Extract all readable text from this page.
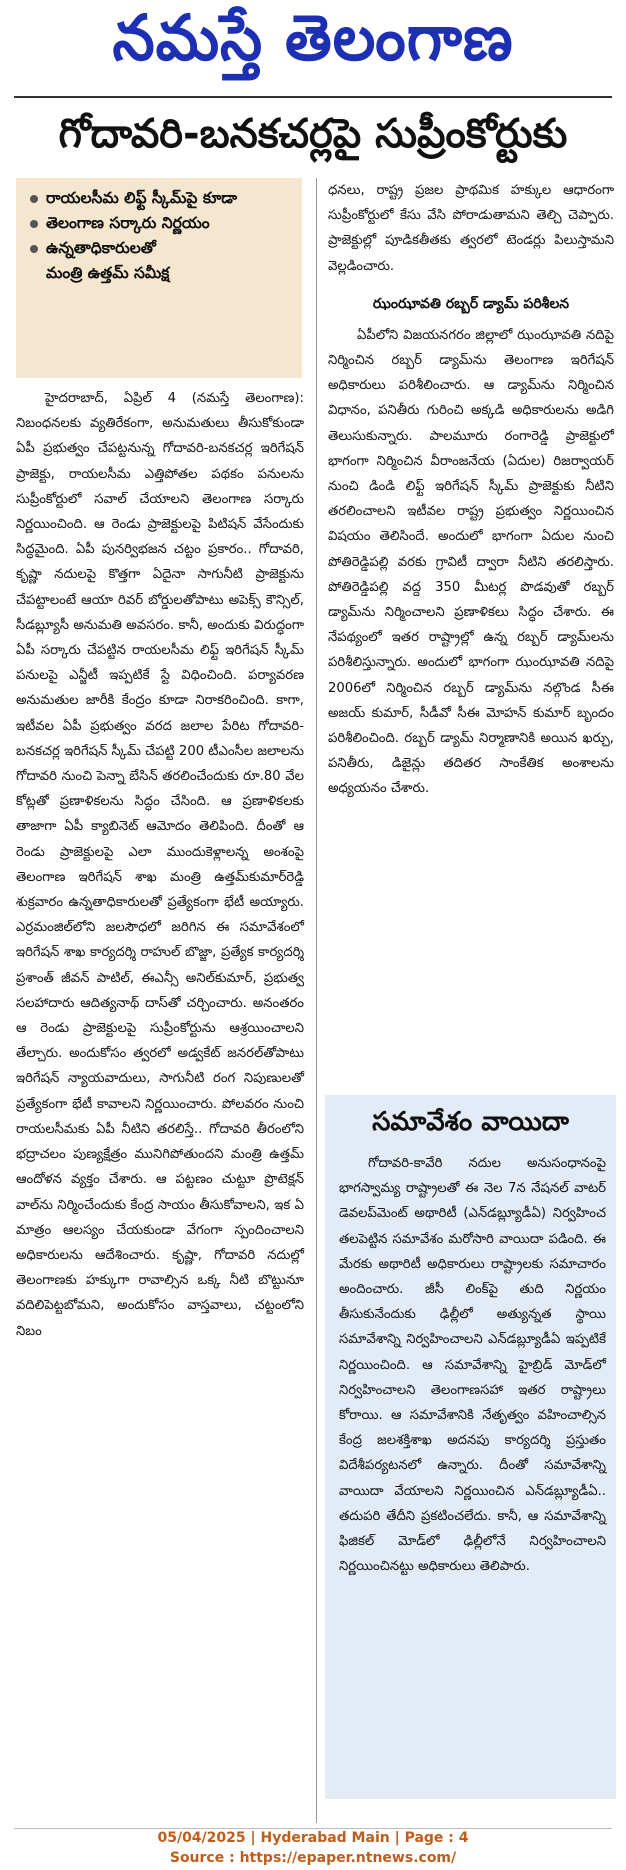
నమస్తే తెలంగాణ
గోదావరి-బనకచర్లపై సుప్రీంకోర్టుకు
రాయలసీమ లిఫ్ట్ స్కీమ్‌పై కూడా
తెలంగాణ సర్కారు నిర్ణయం
ఉన్నతాధికారులతో
మంత్రి ఉత్తమ్ సమీక్ష

హైదరాబాద్, ఏప్రిల్ 4 (నమస్తే తెలంగాణ): నిబంధనలకు వ్యతిరేకంగా, అనుమతులు తీసుకోకుండా ఏపీ ప్రభుత్వం చేపట్టనున్న గోదావరి-బనకచర్ల ఇరిగేషన్ ప్రాజెక్టు, రాయలసీమ ఎత్తిపోతల పథకం పనులను సుప్రీంకోర్టులో సవాల్ చేయాలని తెలంగాణ సర్కారు నిర్ణయించింది. ఆ రెండు ప్రాజెక్టులపై పిటిషన్ వేసేందుకు సిద్ధమైంది. ఏపీ పునర్విభజన చట్టం ప్రకారం.. గోదావరి, కృష్ణా నదులపై కొత్తగా ఏదైనా సాగునీటి ప్రాజెక్టును చేపట్టాలంటే ఆయా రివర్ బోర్డులతోపాటు అపెక్స్ కౌన్సిల్, సీడబ్ల్యూసీ అనుమతి అవసరం. కానీ, అందుకు విరుద్ధంగా ఏపీ సర్కారు చేపట్టిన రాయలసీమ లిఫ్ట్ ఇరిగేషన్ స్కీమ్ పనులపై ఎన్జీటీ ఇప్పటికే స్టే విధించింది. పర్యావరణ అనుమతుల జారీకి కేంద్రం కూడా నిరాకరించింది. కాగా, ఇటీవల ఏపీ ప్రభుత్వం వరద జలాల పేరిట గోదావరి-బనకచర్ల ఇరిగేషన్ స్కీమ్ చేపట్టి 200 టీఎంసీల జలాలను గోదావరి నుంచి పెన్నా బేసిన్ తరలించేందుకు రూ.80 వేల కోట్లతో ప్రణాళికలను సిద్ధం చేసింది. ఆ ప్రణాళికలకు తాజాగా ఏపీ క్యాబినెట్ ఆమోదం తెలిపింది. దీంతో ఆ రెండు ప్రాజెక్టులపై ఎలా ముందుకెళ్లాలన్న అంశంపై తెలంగాణ ఇరిగేషన్ శాఖ మంత్రి ఉత్తమ్‌కుమార్‌రెడ్డి శుక్రవారం ఉన్నతాధికారులతో ప్రత్యేకంగా భేటీ అయ్యారు. ఎర్రమంజిల్‌లోని జలసౌధలో జరిగిన ఈ సమావేశంలో ఇరిగేషన్ శాఖ కార్యదర్శి రాహుల్ బొజ్జా, ప్రత్యేక కార్యదర్శి ప్రశాంత్ జీవన్ పాటిల్, ఈఎన్సీ అనిల్‌కుమార్, ప్రభుత్వ సలహాదారు ఆదిత్యనాథ్ దాస్‌తో చర్చించారు. అనంతరం ఆ రెండు ప్రాజెక్టులపై సుప్రీంకోర్టును ఆశ్రయించాలని తేల్చారు. అందుకోసం త్వరలో అడ్వకేట్ జనరల్‌తోపాటు ఇరిగేషన్ న్యాయవాదులు, సాగునీటి రంగ నిపుణులతో ప్రత్యేకంగా భేటీ కావాలని నిర్ణయించారు. పోలవరం నుంచి రాయలసీమకు ఏపీ నీటిని తరలిస్తే.. గోదావరి తీరంలోని భద్రాచలం పుణ్యక్షేత్రం మునిగిపోతుందని మంత్రి ఉత్తమ్ ఆందోళన వ్యక్తం చేశారు. ఆ పట్టణం చుట్టూ ప్రొటెక్షన్ వాల్‌ను నిర్మించేందుకు కేంద్ర సాయం తీసుకోవాలని, ఇక ఏ మాత్రం ఆలస్యం చేయకుండా వేగంగా స్పందించాలని అధికారులను ఆదేశించారు. కృష్ణా, గోదావరి నదుల్లో తెలంగాణకు హక్కుగా రావాల్సిన ఒక్క నీటి బొట్టునూ వదిలిపెట్టబోమని, అందుకోసం వాస్తవాలు, చట్టంలోని నిబం

ధనలు, రాష్ట్ర ప్రజల ప్రాథమిక హక్కుల ఆధారంగా సుప్రీంకోర్టులో కేసు వేసి పోరాడుతామని తెల్చి చెప్పారు. ప్రాజెక్టుల్లో పూడికతీతకు త్వరలో టెండర్లు పిలుస్తామని వెల్లడించారు.

ఝంఝావతి రబ్బర్ డ్యామ్ పరిశీలన

ఏపీలోని విజయనగరం జిల్లాలో ఝంఝావతి నదిపై నిర్మించిన రబ్బర్ డ్యామ్‌ను తెలంగాణ ఇరిగేషన్ అధికారులు పరిశీలించారు. ఆ డ్యామ్‌ను నిర్మించిన విధానం, పనితీరు గురించి అక్కడి అధికారులను అడిగి తెలుసుకున్నారు. పాలమూరు రంగారెడ్డి ప్రాజెక్టులో భాగంగా నిర్మించిన వీరాంజనేయ (ఏదుల) రిజర్వాయర్ నుంచి డిండి లిఫ్ట్ ఇరిగేషన్ స్కీమ్ ప్రాజెక్టుకు నీటిని తరలించాలని ఇటీవల రాష్ట్ర ప్రభుత్వం నిర్ణయించిన విషయం తెలిసిందే. అందులో భాగంగా ఏదుల నుంచి పోతిరెడ్డిపల్లి వరకు గ్రావిటీ ద్వారా నీటిని తరలిస్తారు. పోతిరెడ్డిపల్లి వద్ద 350 మీటర్ల పొడవుతో రబ్బర్ డ్యామ్‌ను నిర్మించాలని ప్రణాళికలు సిద్ధం చేశారు. ఈ నేపథ్యంలో ఇతర రాష్ట్రాల్లో ఉన్న రబ్బర్ డ్యామ్‌లను పరిశీలిస్తున్నారు. అందులో భాగంగా ఝంఝావతి నదిపై 2006లో నిర్మించిన రబ్బర్ డ్యామ్‌ను నల్గొండ సీఈ అజయ్ కుమార్, సీడీవో సీఈ మోహన్ కుమార్ బృందం పరిశీలించింది. రబ్బర్ డ్యామ్ నిర్మాణానికి అయిన ఖర్చు, పనితీరు, డిజైన్లు తదితర సాంకేతిక అంశాలను అధ్యయనం చేశారు.

సమావేశం వాయిదా

గోదావరి-కావేరి నదుల అనుసంధానంపై భాగస్వామ్య రాష్ట్రాలతో ఈ నెల 7న నేషనల్ వాటర్ డెవలప్‌మెంట్ అథారిటీ (ఎన్‌డబ్ల్యూడీఏ) నిర్వహించ తలపెట్టిన సమావేశం మరోసారి వాయిదా పడింది. ఈ మేరకు అథారిటీ అధికారులు రాష్ట్రాలకు సమాచారం అందించారు. జీసీ లింక్‌పై తుది నిర్ణయం తీసుకునేందుకు ఢిల్లీలో అత్యున్నత స్థాయి సమావేశాన్ని నిర్వహించాలని ఎన్‌డబ్ల్యూడీఏ ఇప్పటికే నిర్ణయించింది. ఆ సమావేశాన్ని హైబ్రిడ్ మోడ్‌లో నిర్వహించాలని తెలంగాణసహా ఇతర రాష్ట్రాలు కోరాయి. ఆ సమావేశానికి నేతృత్వం వహించాల్సిన కేంద్ర జలశక్తిశాఖ అదనపు కార్యదర్శి ప్రస్తుతం విదేశీపర్యటనలో ఉన్నారు. దీంతో సమావేశాన్ని వాయిదా వేయాలని నిర్ణయించిన ఎన్‌డబ్ల్యూడీఏ.. తదుపరి తేదీని ప్రకటించలేదు. కానీ, ఆ సమావేశాన్ని ఫిజికల్ మోడ్‌లో ఢిల్లీలోనే నిర్వహించాలని నిర్ణయించినట్టు అధికారులు తెలిపారు.

05/04/2025 | Hyderabad Main | Page : 4
Source : https://epaper.ntnews.com/
